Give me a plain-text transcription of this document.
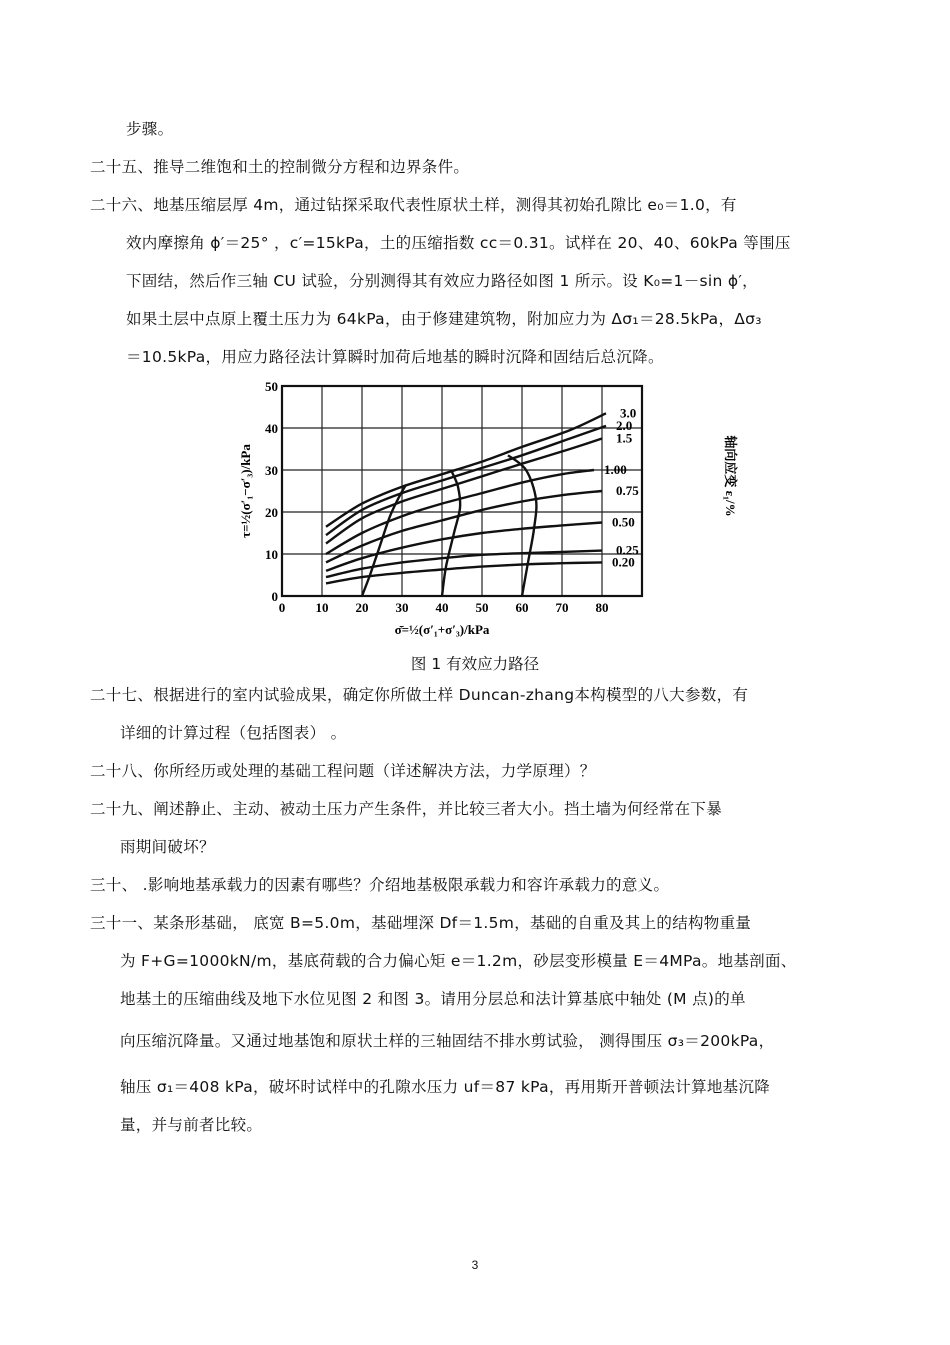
步骤。
二十五、推导二维饱和土的控制微分方程和边界条件。
二十六、地基压缩层厚 4m，通过钻探采取代表性原状土样，测得其初始孔隙比 e₀＝1.0，有
效内摩擦角 ϕ′＝25° ，c′=15kPa，土的压缩指数 cc＝0.31。试样在 20、40、60kPa 等围压
下固结，然后作三轴 CU 试验，分别测得其有效应力路径如图 1 所示。设 K₀=1－sin ϕ′，
如果土层中点原上覆土压力为 64kPa，由于修建建筑物，附加应力为 Δσ₁＝28.5kPa，Δσ₃
＝10.5kPa，用应力路径法计算瞬时加荷后地基的瞬时沉降和固结后总沉降。
0 10 20 30 40 50 60 70 80
0
10
20
30
40
50
3.0
2.0
1.5
1.00
0.75
0.50
0.25
0.20
σ̄=½(σ′₁+σ′₃)/kPa
τ=½(σ′₁−σ′₃)/kPa	轴向应变 ε₁/%
图 1 有效应力路径
二十七、根据进行的室内试验成果，确定你所做土样 Duncan-zhang本构模型的八大参数，有
详细的计算过程（包括图表） 。
二十八、你所经历或处理的基础工程问题（详述解决方法，力学原理）？
二十九、阐述静止、主动、被动土压力产生条件，并比较三者大小。挡土墙为何经常在下暴
雨期间破坏？
三十、 .影响地基承载力的因素有哪些？介绍地基极限承载力和容许承载力的意义。
三十一、某条形基础， 底宽 B=5.0m，基础埋深 Df＝1.5m，基础的自重及其上的结构物重量
为 F+G=1000kN/m，基底荷载的合力偏心矩 e＝1.2m，砂层变形模量 E＝4MPa。地基剖面、
地基土的压缩曲线及地下水位见图 2 和图 3。请用分层总和法计算基底中轴处 (M 点)的单
向压缩沉降量。又通过地基饱和原状土样的三轴固结不排水剪试验， 测得围压 σ₃＝200kPa，
轴压 σ₁＝408 kPa，破坏时试样中的孔隙水压力 uf＝87 kPa，再用斯开普顿法计算地基沉降
量，并与前者比较。
3
